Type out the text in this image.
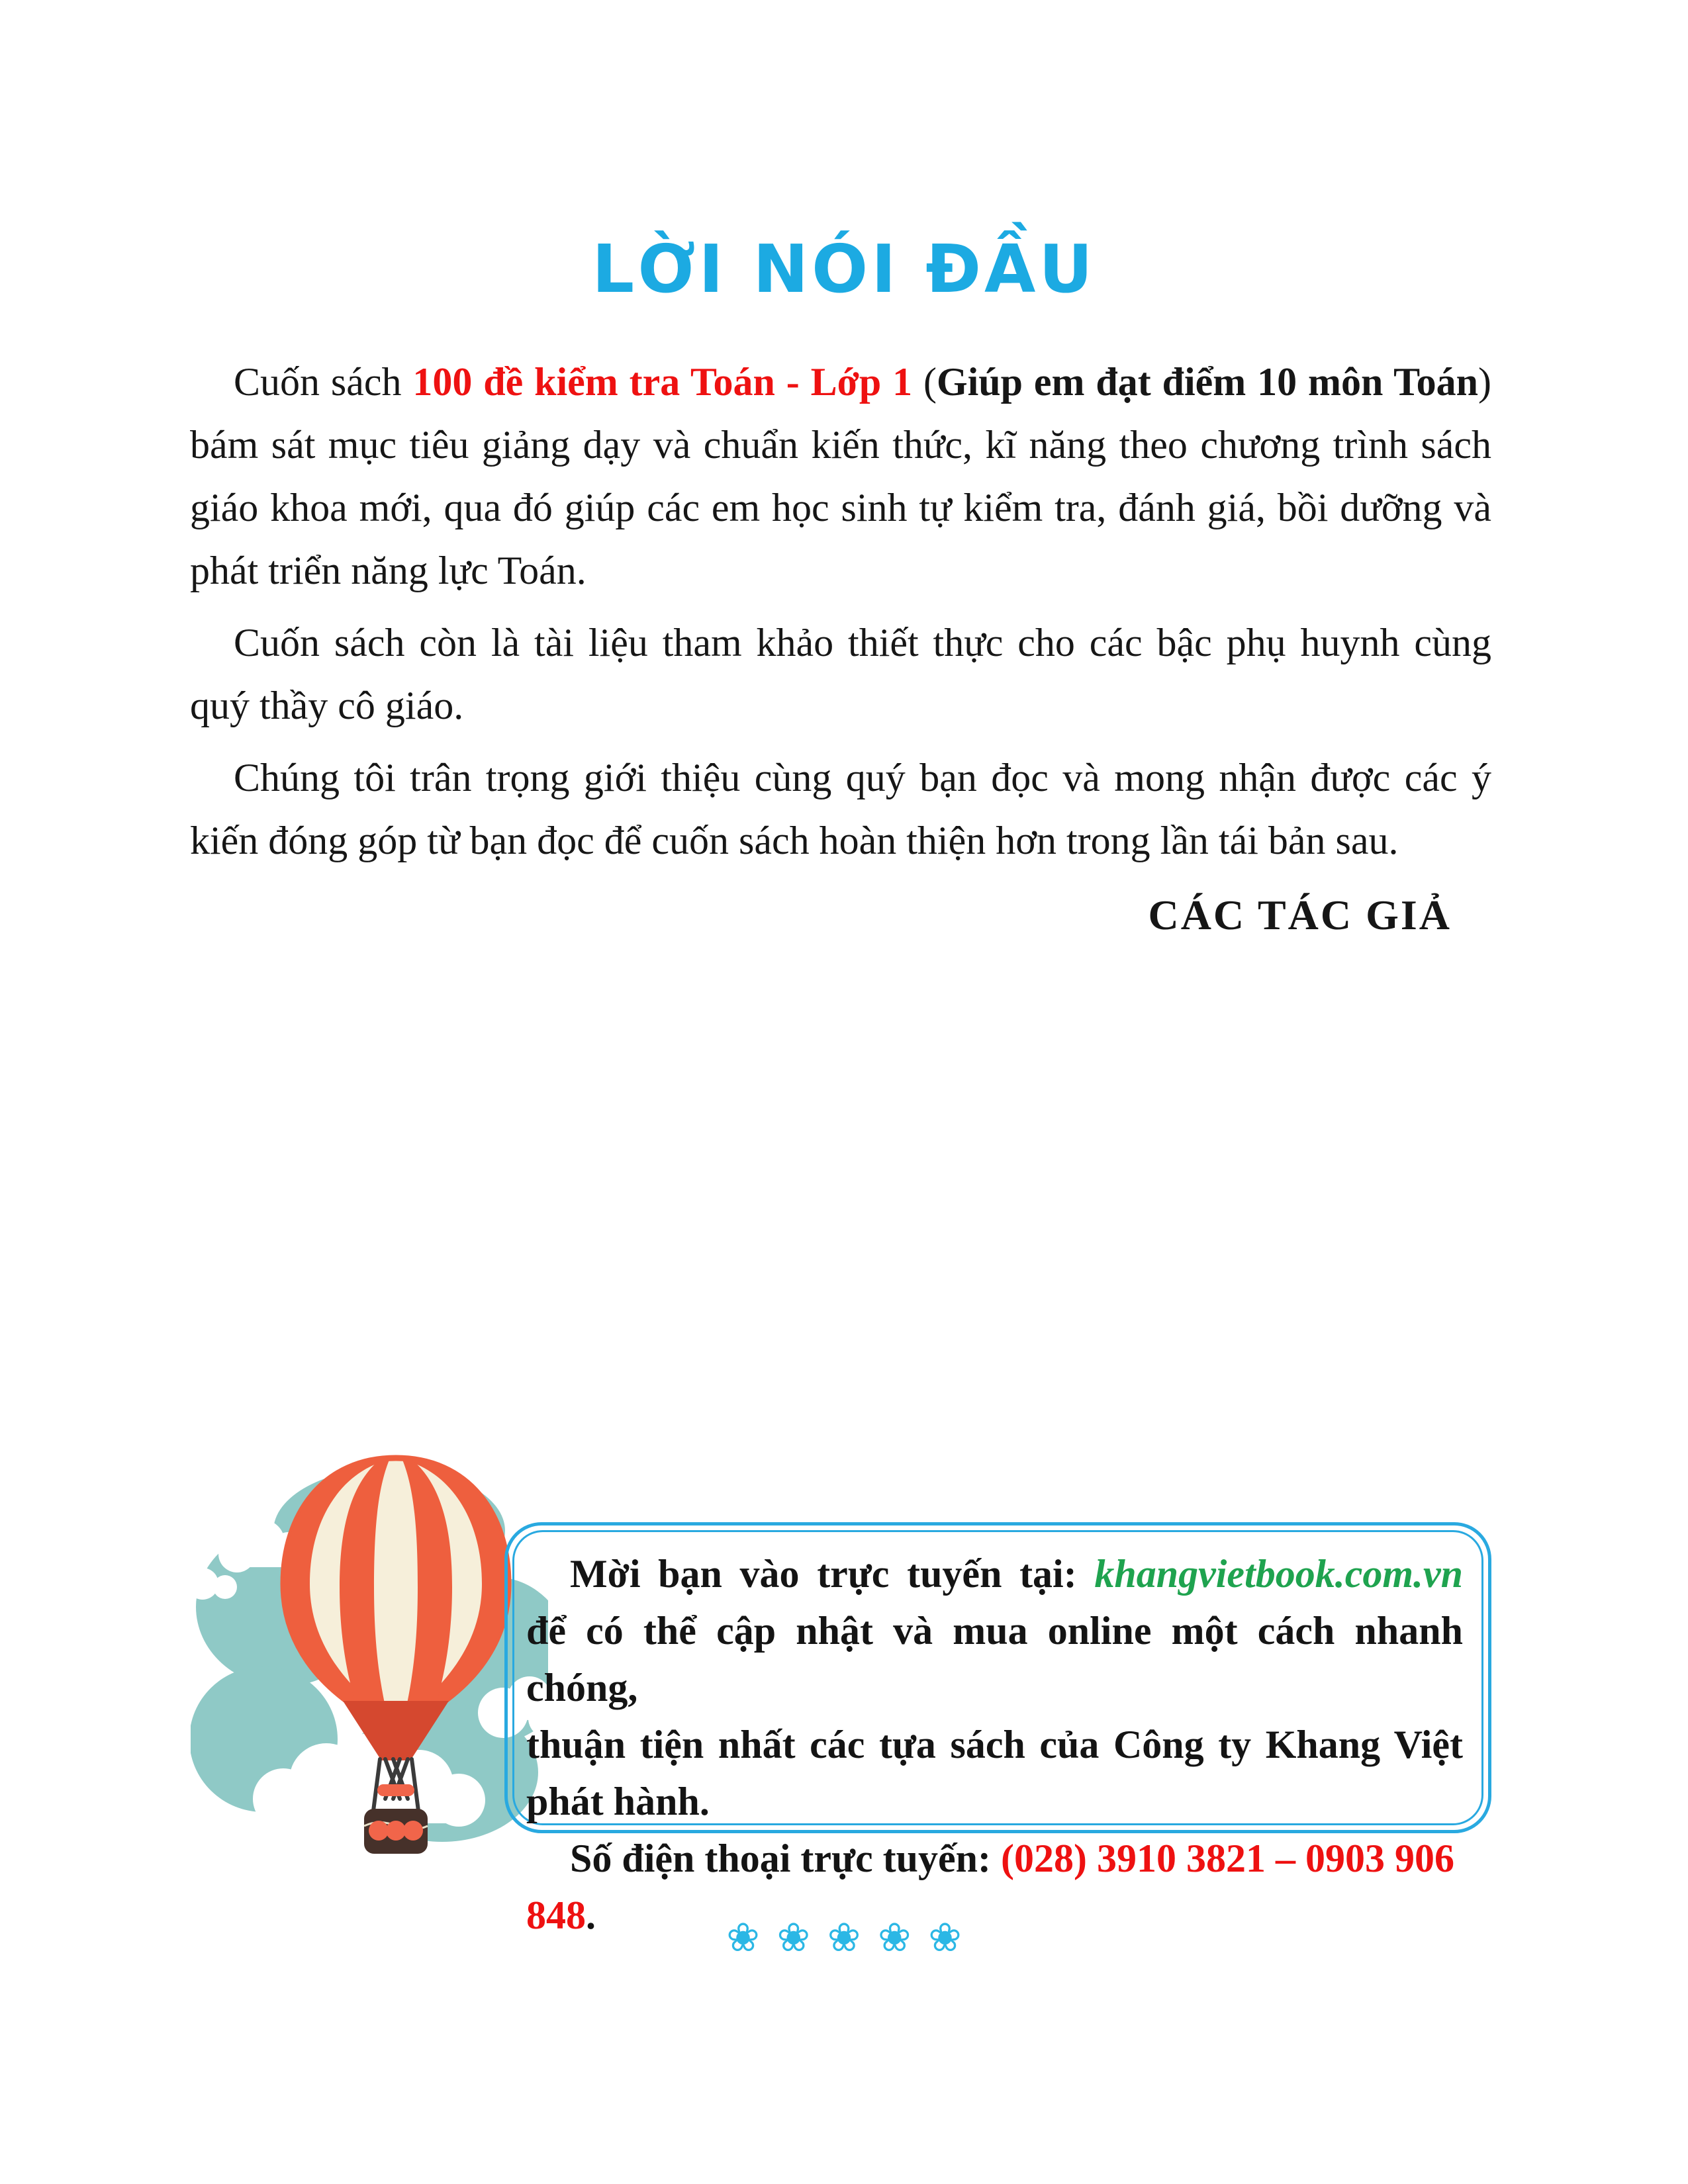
LỜI NÓI ĐẦU

Cuốn sách 100 đề kiểm tra Toán - Lớp 1 (Giúp em đạt điểm 10 môn Toán) bám sát mục tiêu giảng dạy và chuẩn kiến thức, kĩ năng theo chương trình sách giáo khoa mới, qua đó giúp các em học sinh tự kiểm tra, đánh giá, bồi dưỡng và phát triển năng lực Toán.

Cuốn sách còn là tài liệu tham khảo thiết thực cho các bậc phụ huynh cùng quý thầy cô giáo.

Chúng tôi trân trọng giới thiệu cùng quý bạn đọc và mong nhận được các ý kiến đóng góp từ bạn đọc để cuốn sách hoàn thiện hơn trong lần tái bản sau.

CÁC TÁC GIẢ
Mời bạn vào trực tuyến tại: khangvietbook.com.vn
để có thể cập nhật và mua online một cách nhanh chóng,
thuận tiện nhất các tựa sách của Công ty Khang Việt
phát hành.
Số điện thoại trực tuyến: (028) 3910 3821 – 0903 906 848.	❀❀❀❀❀
